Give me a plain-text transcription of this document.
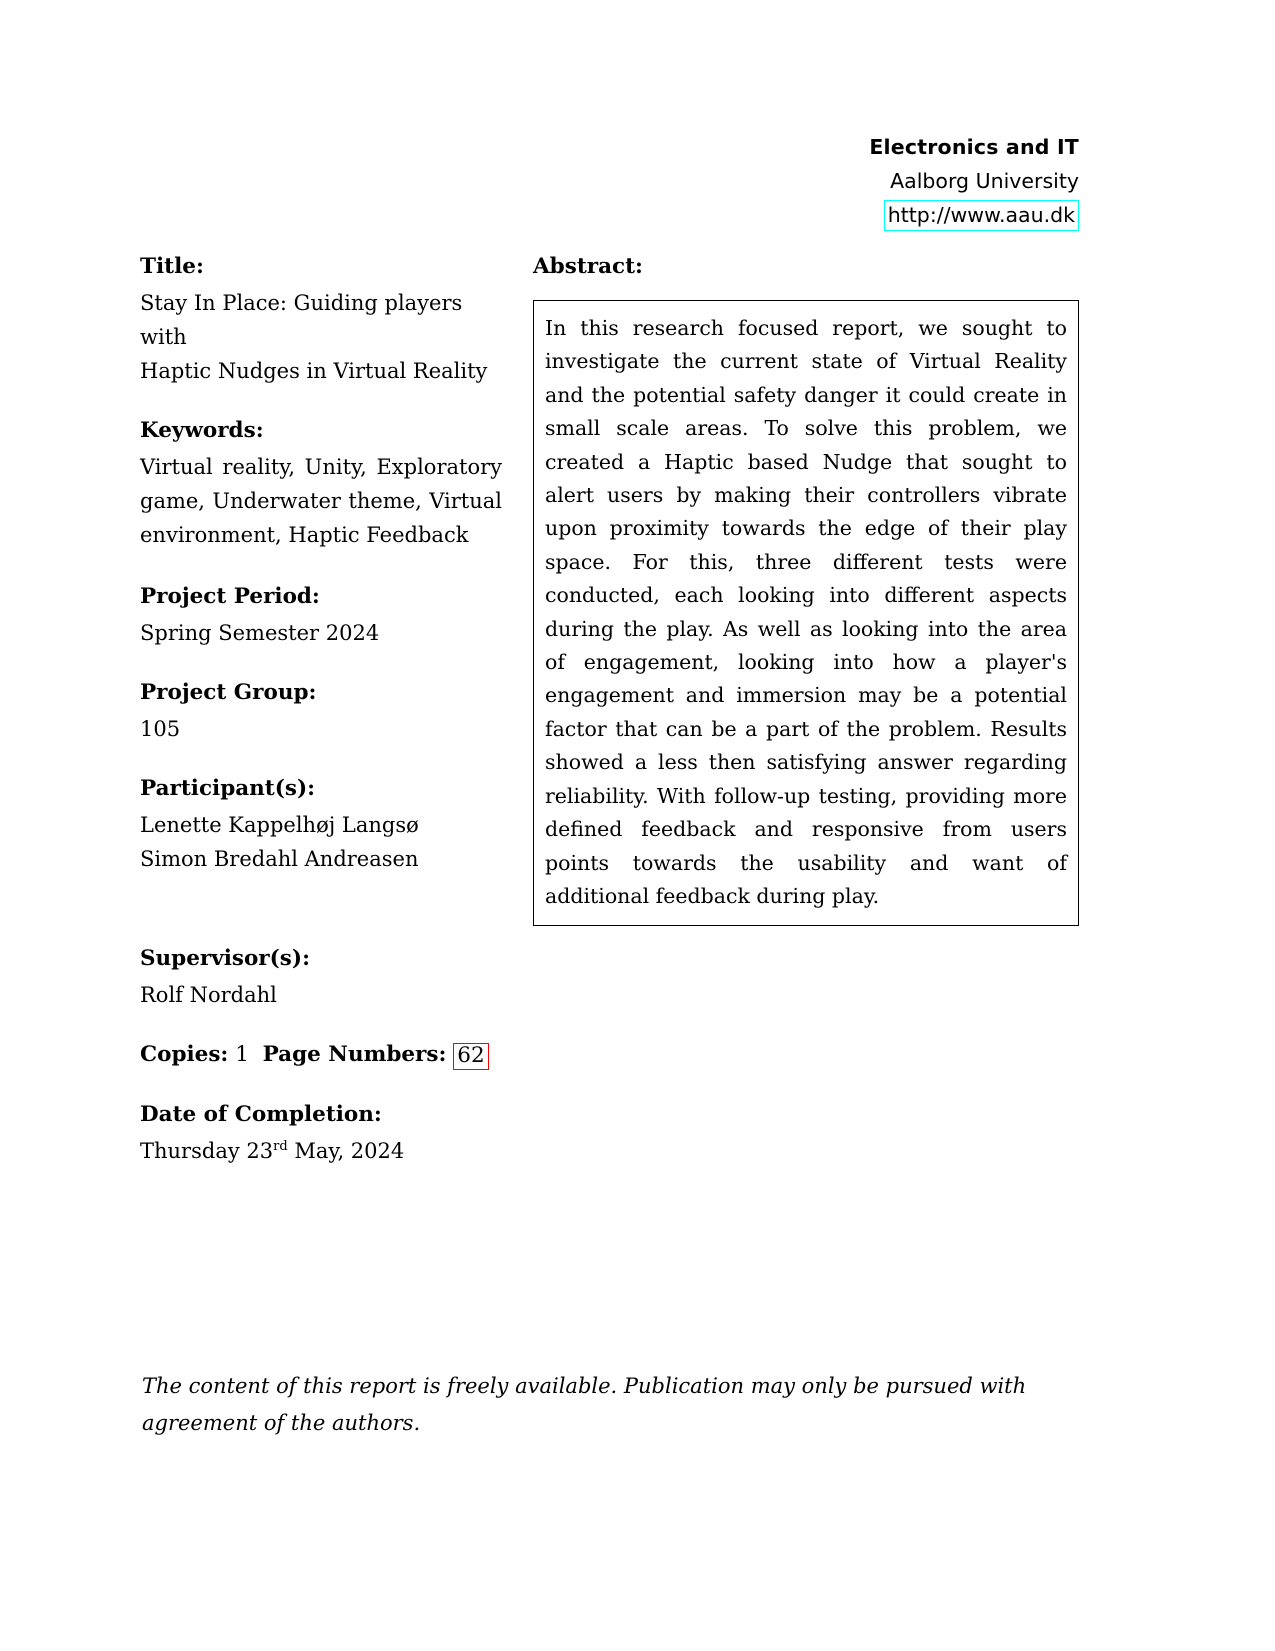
Electronics and IT
Aalborg University
http://www.aau.dk
Title:
Stay In Place: Guiding players with
Haptic Nudges in Virtual Reality
Keywords:
Virtual reality, Unity, Exploratory game, Underwater theme, Virtual environment, Haptic Feedback
Project Period:
Spring Semester 2024
Project Group:
105
Participant(s):
Lenette Kappelhøj Langsø
Simon Bredahl Andreasen
Supervisor(s):
Rolf Nordahl
Copies: 1 Page Numbers: 62
Date of Completion:
Thursday 23rd May, 2024
Abstract:

In this research focused report, we sought to investigate the current state of Virtual Reality and the potential safety danger it could create in small scale areas. To solve this problem, we created a Haptic based Nudge that sought to alert users by making their controllers vibrate upon proximity towards the edge of their play space. For this, three different tests were conducted, each looking into different aspects during the play. As well as looking into the area of engagement, looking into how a player's engagement and immersion may be a potential factor that can be a part of the problem. Results showed a less then satisfying answer regarding reliability. With follow-up testing, providing more defined feedback and responsive from users points towards the usability and want of additional feedback during play.

The content of this report is freely available. Publication may only be pursued with agreement of the authors.
